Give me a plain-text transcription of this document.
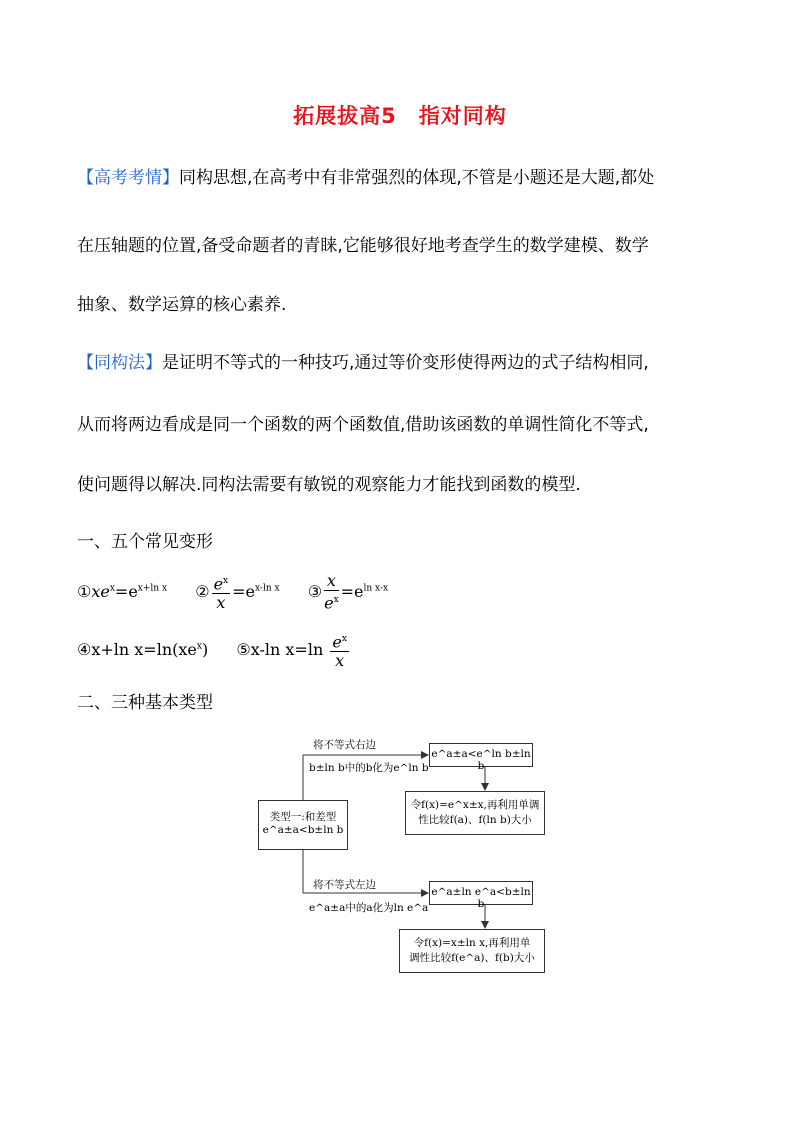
拓展拔高5　指对同构
【高考考情】同构思想,在高考中有非常强烈的体现,不管是小题还是大题,都处
在压轴题的位置,备受命题者的青睐,它能够很好地考查学生的数学建模、数学
抽象、数学运算的核心素养.
【同构法】是证明不等式的一种技巧,通过等价变形使得两边的式子结构相同,
从而将两边看成是同一个函数的两个函数值,借助该函数的单调性简化不等式,
使问题得以解决.同构法需要有敏锐的观察能力才能找到函数的模型.
一、五个常见变形
$①xe^x=e^{x+ln x}$ ② $\frac{e^x}{x} =e^{x-ln x}$ ③ $\frac{x}{e^x} =e^{ln x-x}$
④x+ln $x=\ln(xe^x)$ ⑤x-ln $x=\ln \frac{e^x}{x}$
二、三种基本类型
类型一:和差型
e^a±a<b±ln b
将不等式右边
b±ln b中的b化为e^ln b
e^a±a<e^ln b±ln b
令f(x)=e^x±x,再利用单调
性比较f(a)、f(ln b)大小
将不等式左边
e^a±a中的a化为ln e^a
e^a±ln e^a<b±ln b
令f(x)=x±ln x,再利用单
调性比较f(e^a)、f(b)大小
